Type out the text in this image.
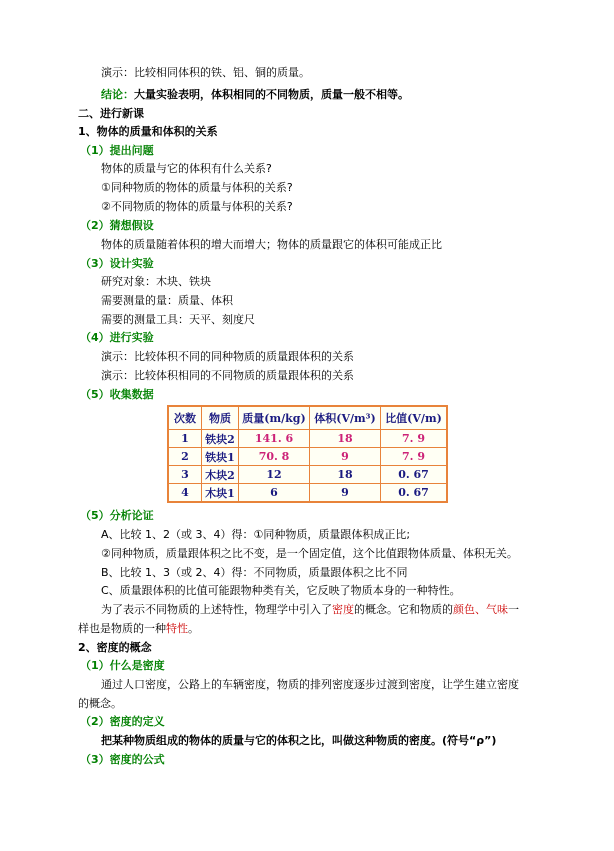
演示：比较相同体积的铁、铝、铜的质量。
结论：大量实验表明，体积相同的不同物质，质量一般不相等。
二、进行新课
1、物体的质量和体积的关系
（1）提出问题
物体的质量与它的体积有什么关系?
①同种物质的物体的质量与体积的关系?
②不同物质的物体的质量与体积的关系?
（2）猜想假设
物体的质量随着体积的增大而增大；物体的质量跟它的体积可能成正比
（3）设计实验
研究对象：木块、铁块
需要测量的量：质量、体积
需要的测量工具：天平、刻度尺
（4）进行实验
演示：比较体积不同的同种物质的质量跟体积的关系
演示：比较体积相同的不同物质的质量跟体积的关系
（5）收集数据
次数	物质	质量(m/kg)	体积(V/m³)	比值(V/m)
1	铁块2	141. 6	18	7. 9
2	铁块1	70. 8	9	7. 9
3	木块2	12	18	0. 67
4	木块1	6	9	0. 67
（5）分析论证
A、比较 1、2（或 3、4）得：①同种物质，质量跟体积成正比;
②同种物质，质量跟体积之比不变，是一个固定值，这个比值跟物体质量、体积无关。
B、比较 1、3（或 2、4）得：不同物质，质量跟体积之比不同
C、质量跟体积的比值可能跟物种类有关，它反映了物质本身的一种特性。
为了表示不同物质的上述特性，物理学中引入了密度的概念。它和物质的颜色、气味一
样也是物质的一种特性。
2、密度的概念
（1）什么是密度
通过人口密度，公路上的车辆密度，物质的排列密度逐步过渡到密度，让学生建立密度
的概念。
（2）密度的定义
把某种物质组成的物体的质量与它的体积之比，叫做这种物质的密度。(符号“ρ”)
（3）密度的公式
